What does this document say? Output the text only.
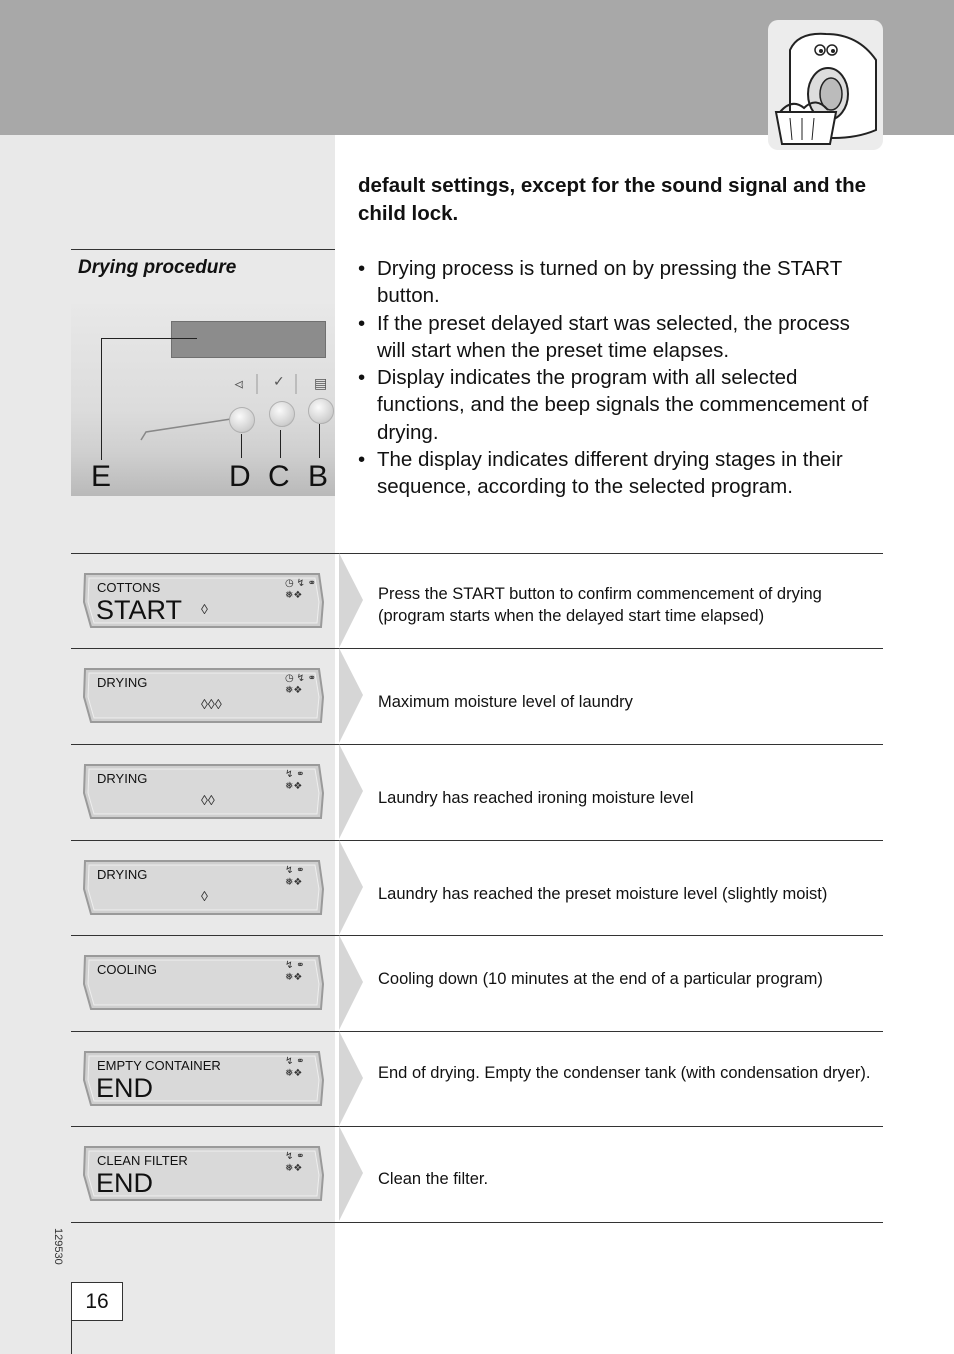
default settings, except for the sound signal and the child lock.
Drying procedure
•	Drying process is turned on by pressing the START button.
• If the preset delayed start was selected, the process will start when the preset time elapses.
• Display indicates the program with all selected functions, and the beep signals the commencement of drying.
• The display indicates different drying stages in their sequence, according to the selected program.
⏿ ✓ ▤
E	D C B
COTTONS
START
◷ ↯ ⚭
❅❖
◊
Press the START button to confirm commencement of drying (program starts when the delayed start time elapsed)
DRYING	◷ ↯ ⚭
❅❖
◊◊◊	Maximum moisture level of laundry
DRYING	↯ ⚭
❅❖
◊◊	Laundry has reached ironing moisture level
DRYING	↯ ⚭
❅❖
◊	Laundry has reached the preset moisture level (slightly moist)
COOLING	↯ ⚭
❅❖	Cooling down (10 minutes at the end of a particular program)
EMPTY CONTAINER
END
↯ ⚭
❅❖	End of drying. Empty the condenser tank (with condensation dryer).
CLEAN FILTER
END
↯ ⚭
❅❖
Clean the filter.
129530
16
